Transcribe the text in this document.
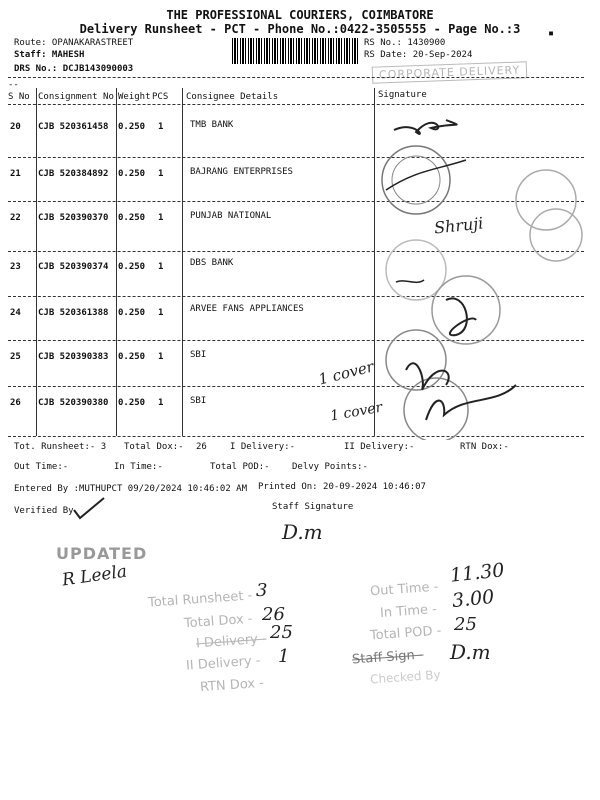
THE PROFESSIONAL COURIERS, COIMBATORE
Delivery Runsheet - PCT - Phone No.:0422-3505555 - Page No.:3	▪
Route: OPANAKARASTREET
Staff: MAHESH
DRS No.: DCJB143090003
RS No.: 1430900
RS Date: 20-Sep-2024
CORPORATE DELIVERY
--
S No Consignment No Weight PCS Consignee Details	Signature
20 CJB 520361458 0.250 1	TMB BANK
21 CJB 520384892 0.250 1	BAJRANG ENTERPRISES
22 CJB 520390370 0.250 1	PUNJAB NATIONAL
23 CJB 520390374 0.250 1	DBS BANK
24 CJB 520361388 0.250 1	ARVEE FANS APPLIANCES
25 CJB 520390383 0.250 1	SBI
26 CJB 520390380 0.250 1	SBI
Shruji
1 cover
1 cover
Tot. Runsheet:- 3 Total Dox:- 26	I Delivery:-	II Delivery:-	RTN Dox:-
Out Time:-	In Time:-	Total POD:- Delvy Points:-
Entered By :MUTHUPCT 09/20/2024 10:46:02 AM Printed On: 20-09-2024 10:46:07
Verified By	Staff Signature
D.m
UPDATED
R Leela
Total Runsheet - 3
Total Dox - 26
I Delivery - 25
II Delivery - 1
RTN Dox -
Out Time -
11.30
In Time - 3.00
Total POD - 25
Staff Sign - D.m
Checked By
